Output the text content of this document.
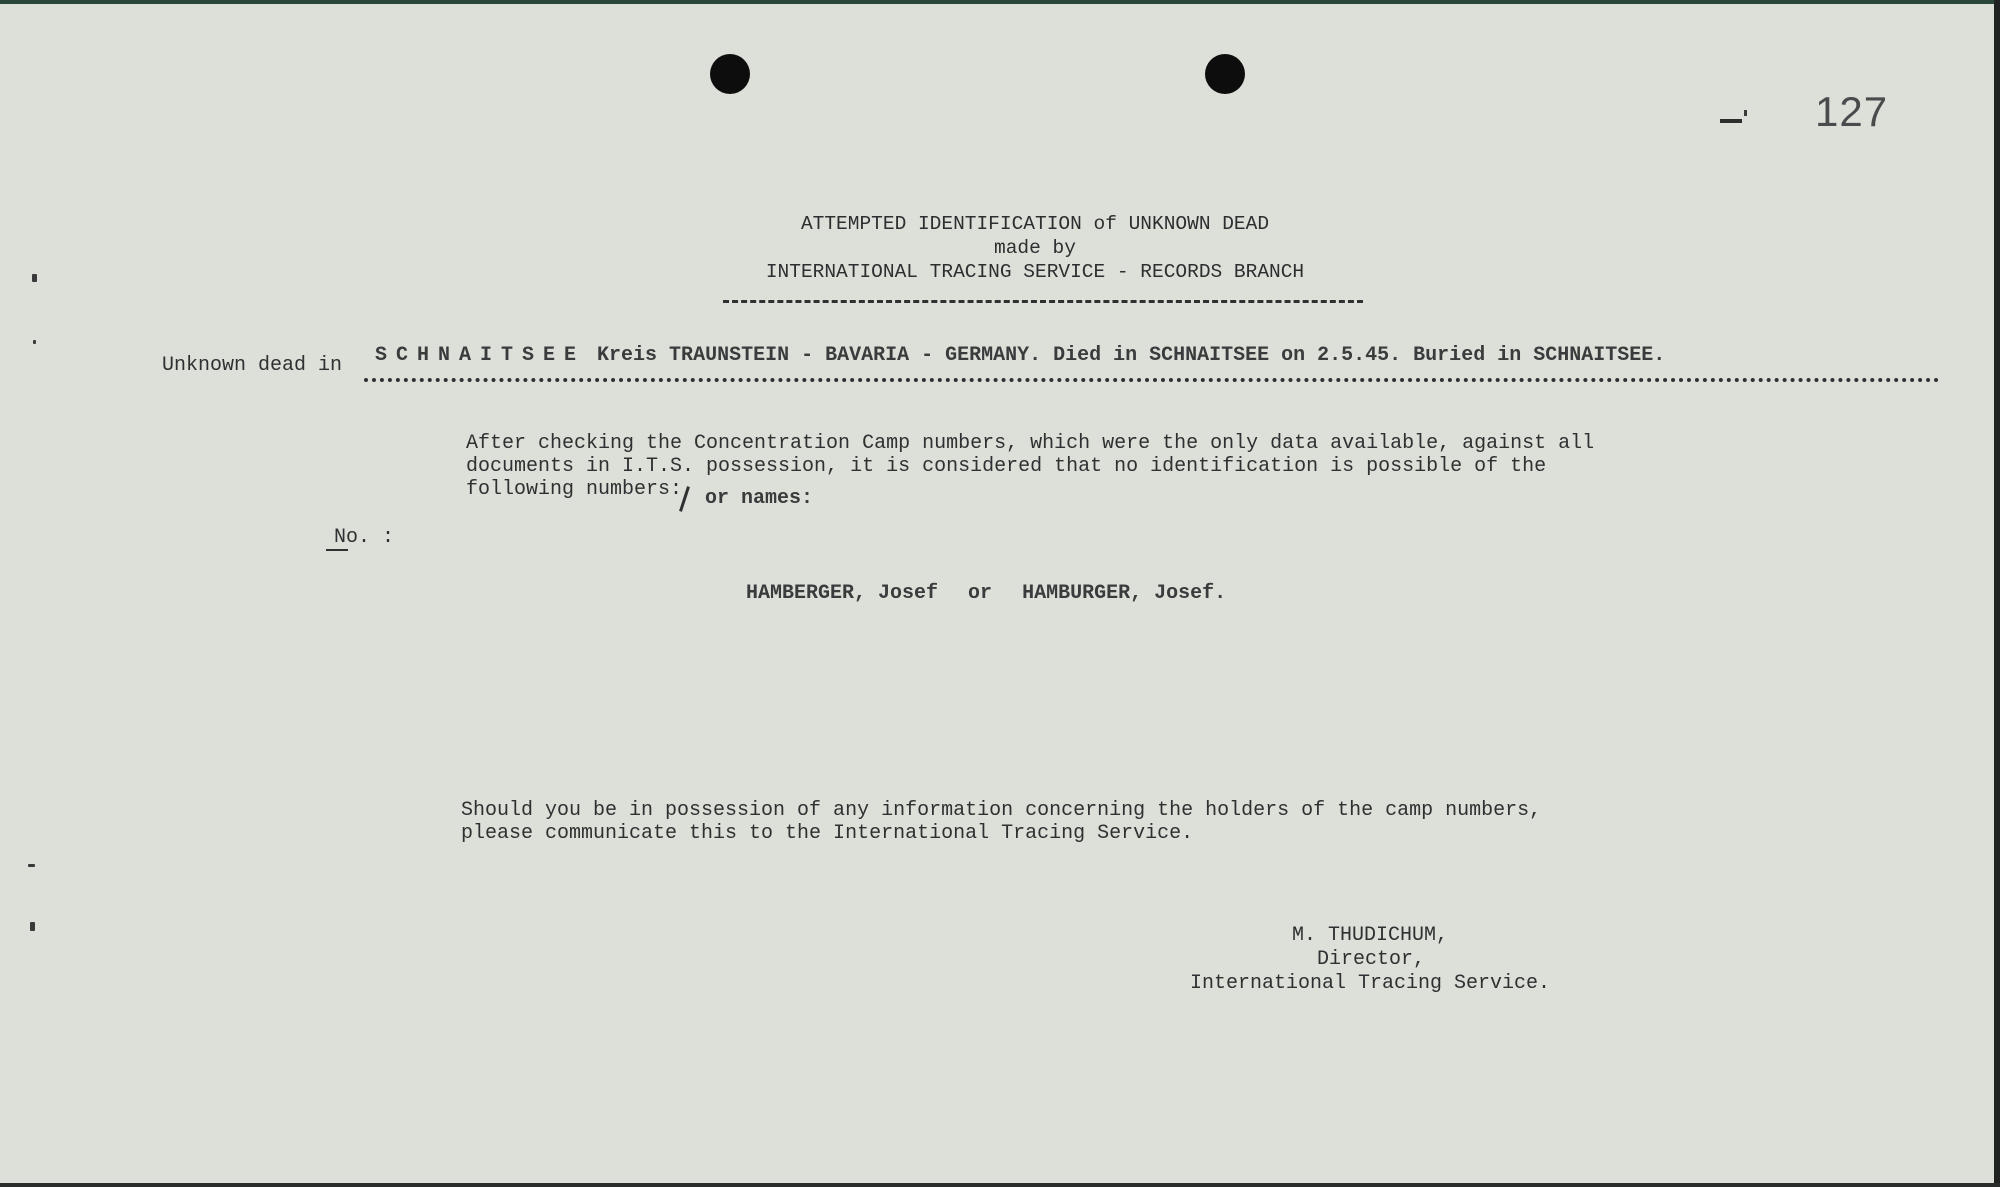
127
ATTEMPTED IDENTIFICATION of UNKNOWN DEAD
made by
INTERNATIONAL TRACING SERVICE - RECORDS BRANCH
Unknown dead in SCHNAITSEE Kreis TRAUNSTEIN - BAVARIA - GERMANY. Died in SCHNAITSEE on 2.5.45. Buried in SCHNAITSEE.
After checking the Concentration Camp numbers, which were the only data available, against all
documents in I.T.S. possession, it is considered that no identification is possible of the
following numbers: or names:
No. :
HAMBERGER, Josef or HAMBURGER, Josef.
Should you be in possession of any information concerning the holders of the camp numbers,
please communicate this to the International Tracing Service.
M. THUDICHUM,
Director,
International Tracing Service.
